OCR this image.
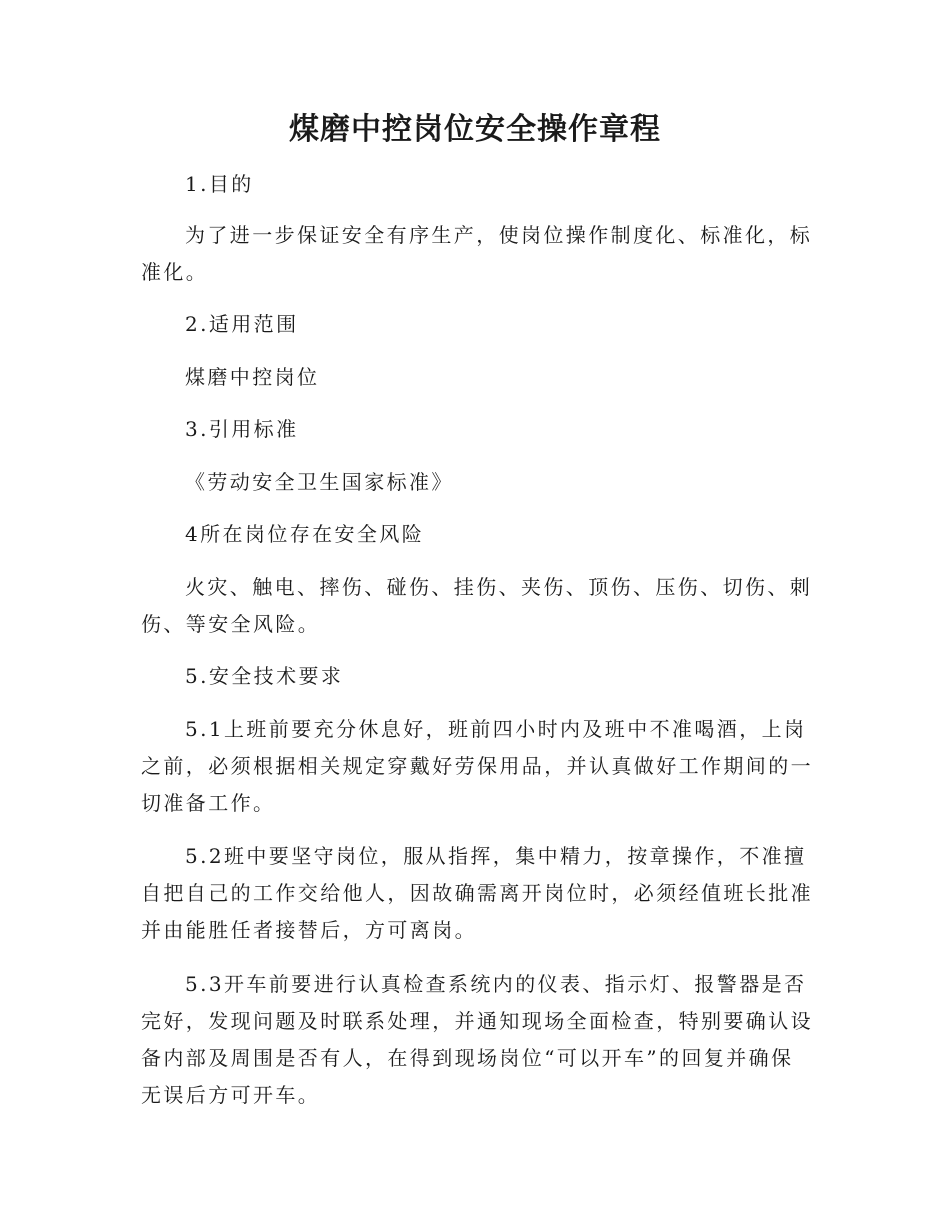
煤磨中控岗位安全操作章程

1.目的

为了进一步保证安全有序生产，使岗位操作制度化、标准化，标准化。

2.适用范围

煤磨中控岗位

3.引用标准

《劳动安全卫生国家标准》

4所在岗位存在安全风险

火灾、触电、摔伤、碰伤、挂伤、夹伤、顶伤、压伤、切伤、刺伤、等安全风险。

5.安全技术要求

5.1上班前要充分休息好，班前四小时内及班中不准喝酒，上岗之前，必须根据相关规定穿戴好劳保用品，并认真做好工作期间的一切准备工作。

5.2班中要坚守岗位，服从指挥，集中精力，按章操作，不准擅自把自己的工作交给他人，因故确需离开岗位时，必须经值班长批准并由能胜任者接替后，方可离岗。

5.3开车前要进行认真检查系统内的仪表、指示灯、报警器是否完好，发现问题及时联系处理，并通知现场全面检查，特别要确认设备内部及周围是否有人，在得到现场岗位“可以开车”的回复并确保无误后方可开车。
